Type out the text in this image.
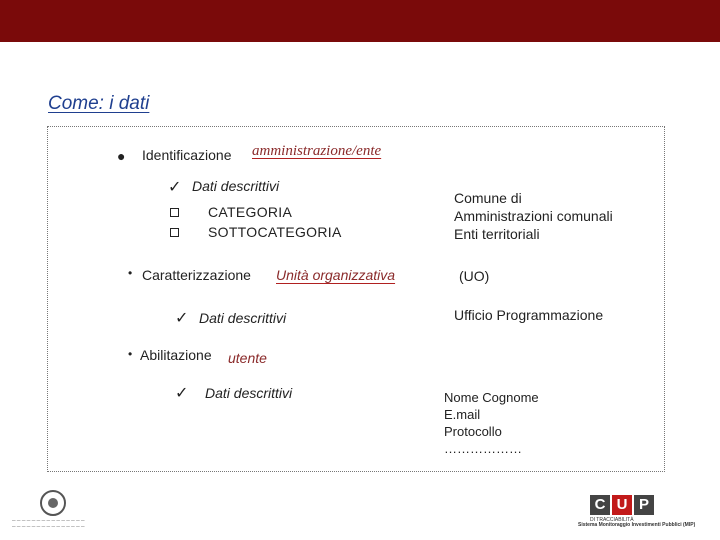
Come: i dati
● Identificazione amministrazione/ente
✓ Dati descrittivi
CATEGORIA
SOTTOCATEGORIA
Comune di
Amministrazioni comunali
Enti territoriali
• Caratterizzazione Unità organizzativa	(UO)
✓ Dati descrittivi	Ufficio Programmazione
• Abilitazione utente
✓ Dati descrittivi	Nome Cognome
E.mail
Protocollo
………………
─ ─ ─ ─ ─ ─ ─ ─ ─ ─ ─ ─ ─ ─ ─
─ ─ ─ ─ ─ ─ ─ ─ ─ ─ ─ ─ ─ ─ ─
C U P
DI TRACCIABILITÀ
Sistema Monitoraggio Investimenti Pubblici (MIP)
